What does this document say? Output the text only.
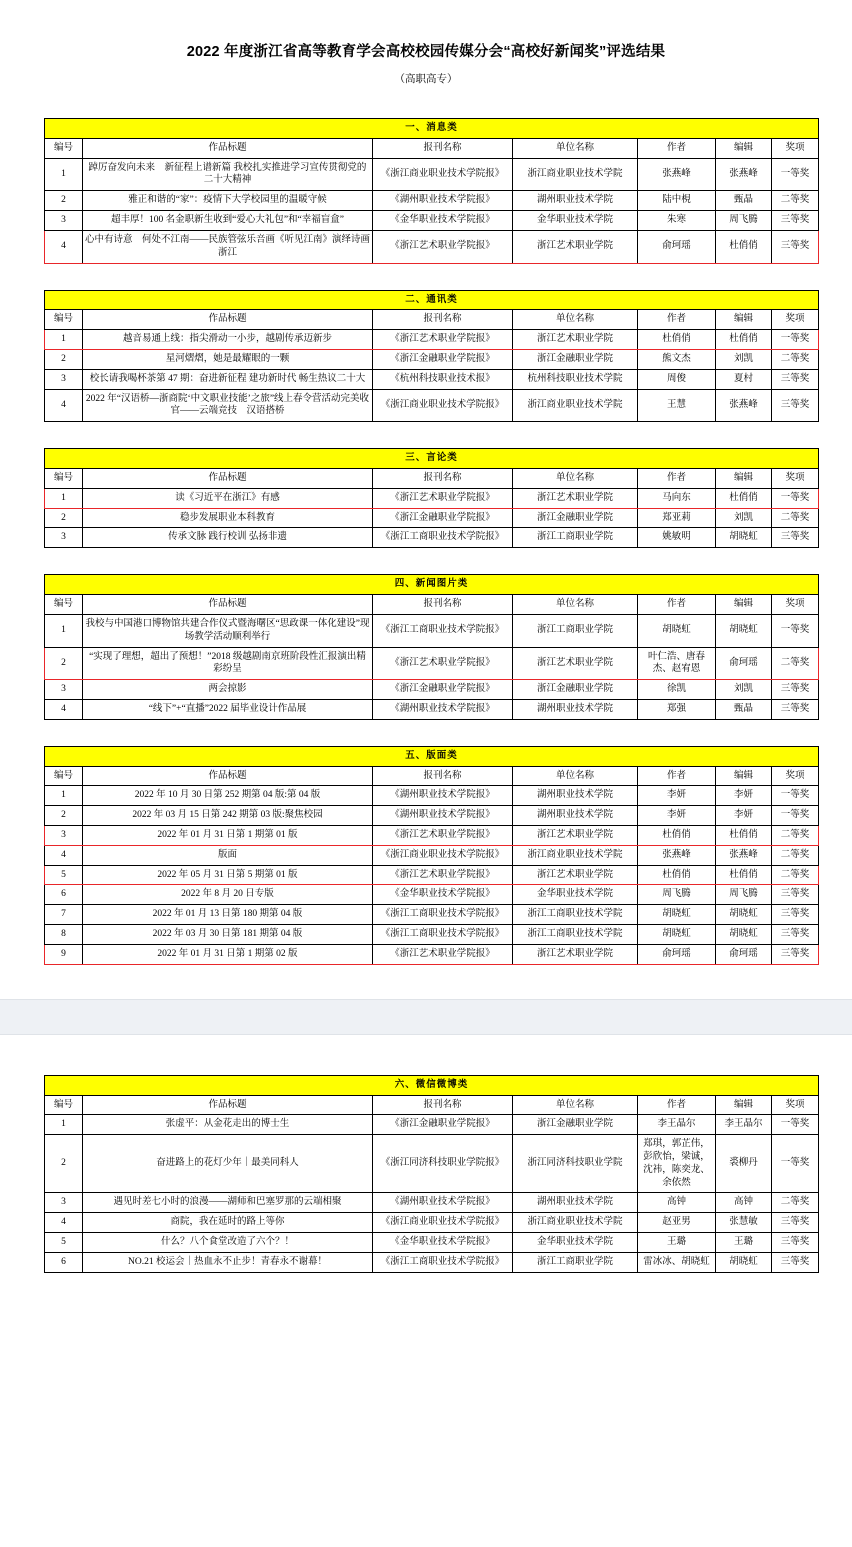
2022 年度浙江省高等教育学会高校校园传媒分会“高校好新闻奖”评选结果
（高职高专）
一、消息类						
编号	作品标题	报刊名称	单位名称	作者	编辑	奖项
1	踔厉奋发向未来　新征程上谱新篇 我校扎实推进学习宣传贯彻党的二十大精神	《浙江商业职业技术学院报》	浙江商业职业技术学院	张燕峰	张燕峰	一等奖
2	雅正和谐的“家”：疫情下大学校园里的温暖守候	《湖州职业技术学院报》	湖州职业技术学院	陆中梘	甄晶	二等奖
3	超丰厚！100 名金职新生收到“爱心大礼包”和“幸福盲盒”	《金华职业技术学院报》	金华职业技术学院	朱寒	周飞腾	三等奖
4	心中有诗意　何处不江南——民族管弦乐咅画《听见江南》演绎诗画浙江	《浙江艺术职业学院报》	浙江艺术职业学院	俞珂瑶	杜俏俏	三等奖
二、通讯类						
编号	作品标题	报刊名称	单位名称	作者	编辑	奖项
1	越音易通上线：指尖滑动一小步，越剧传承迈新步	《浙江艺术职业学院报》	浙江艺术职业学院	杜俏俏	杜俏俏	一等奖
2	星河熠熠，她是最耀眼的一颗	《浙江金融职业学院报》	浙江金融职业学院	熊文杰	刘凯	二等奖
3	校长请我喝杯茶第 47 期：奋进新征程 建功新时代 畅生热议二十大	《杭州科技职业技术报》	杭州科技职业技术学院	周俊	夏村	三等奖
4	2022 年“汉语桥—浙商院‘中文职业技能’之旅”线上春令营活动完美收官——云端竞技　汉语搭桥	《浙江商业职业技术学院报》	浙江商业职业技术学院	王慧	张燕峰	三等奖
三、言论类						
编号	作品标题	报刊名称	单位名称	作者	编辑	奖项
1	读《习近平在浙江》有感	《浙江艺术职业学院报》	浙江艺术职业学院	马向东	杜俏俏	一等奖
2	稳步发展职业本科教育	《浙江金融职业学院报》	浙江金融职业学院	郑亚莉	刘凯	二等奖
3	传承文脉 践行校训 弘扬非遗	《浙江工商职业技术学院报》	浙江工商职业学院	姚敏明	胡晓虹	三等奖
四、新闻图片类						
编号	作品标题	报刊名称	单位名称	作者	编辑	奖项
1	我校与中国港口博物馆共建合作仪式暨海曙区“思政课一体化建设”现场教学活动顺利举行	《浙江工商职业技术学院报》	浙江工商职业学院	胡晓虹	胡晓虹	一等奖
2	“实现了理想，超出了预想！”2018 级越剧南京班阶段性汇报演出精彩纷呈	《浙江艺术职业学院报》	浙江艺术职业学院	叶仁浩、唐春杰、赵宥恩	俞珂瑶	二等奖
3	两会掠影	《浙江金融职业学院报》	浙江金融职业学院	徐凯	刘凯	三等奖
4	“线下”+“直播”2022 届毕业设计作品展	《湖州职业技术学院报》	湖州职业技术学院	郑强	甄晶	三等奖
五、版面类						
编号	作品标题	报刊名称	单位名称	作者	编辑	奖项
1	2022 年 10 月 30 日第 252 期第 04 版:第 04 版	《湖州职业技术学院报》	湖州职业技术学院	李妍	李妍	一等奖
2	2022 年 03 月 15 日第 242 期第 03 版:聚焦校园	《湖州职业技术学院报》	湖州职业技术学院	李妍	李妍	一等奖
3	2022 年 01 月 31 日第 1 期第 01 版	《浙江艺术职业学院报》	浙江艺术职业学院	杜俏俏	杜俏俏	二等奖
4	版面	《浙江商业职业技术学院报》	浙江商业职业技术学院	张燕峰	张燕峰	二等奖
5	2022 年 05 月 31 日第 5 期第 01 版	《浙江艺术职业学院报》	浙江艺术职业学院	杜俏俏	杜俏俏	二等奖
6	2022 年 8 月 20 日专版	《金华职业技术学院报》	金华职业技术学院	周飞腾	周飞腾	三等奖
7	2022 年 01 月 13 日第 180 期第 04 版	《浙江工商职业技术学院报》	浙江工商职业技术学院	胡晓虹	胡晓虹	三等奖
8	2022 年 03 月 30 日第 181 期第 04 版	《浙江工商职业技术学院报》	浙江工商职业技术学院	胡晓虹	胡晓虹	三等奖
9	2022 年 01 月 31 日第 1 期第 02 版	《浙江艺术职业学院报》	浙江艺术职业学院	俞珂瑶	俞珂瑶	三等奖
六、微信微博类						
编号	作品标题	报刊名称	单位名称	作者	编辑	奖项
1	张虚平：从金花走出的博士生	《浙江金融职业学院报》	浙江金融职业学院	李王晶尔	李王晶尔	一等奖
2	奋进路上的花灯少年｜最美同科人	《浙江同济科技职业学院报》	浙江同济科技职业学院	郑琪，郭芷伟，彭欣怡，梁诚，沈祎，陈奕龙、余依然	裘柳丹	一等奖
3	遇见时差七小时的浪漫——湖师和巴塞罗那的云端相聚	《湖州职业技术学院报》	湖州职业技术学院	高钟	高钟	二等奖
4	商院，我在延时的路上等你	《浙江商业职业技术学院报》	浙江商业职业技术学院	赵亚男	张慧敏	三等奖
5	什么？八个食堂改造了六个？！	《金华职业技术学院报》	金华职业技术学院	王璐	王璐	三等奖
6	NO.21 校运会｜热血永不止步！青春永不谢幕！	《浙江工商职业技术学院报》	浙江工商职业学院	雷冰冰、胡晓虹	胡晓虹	三等奖
